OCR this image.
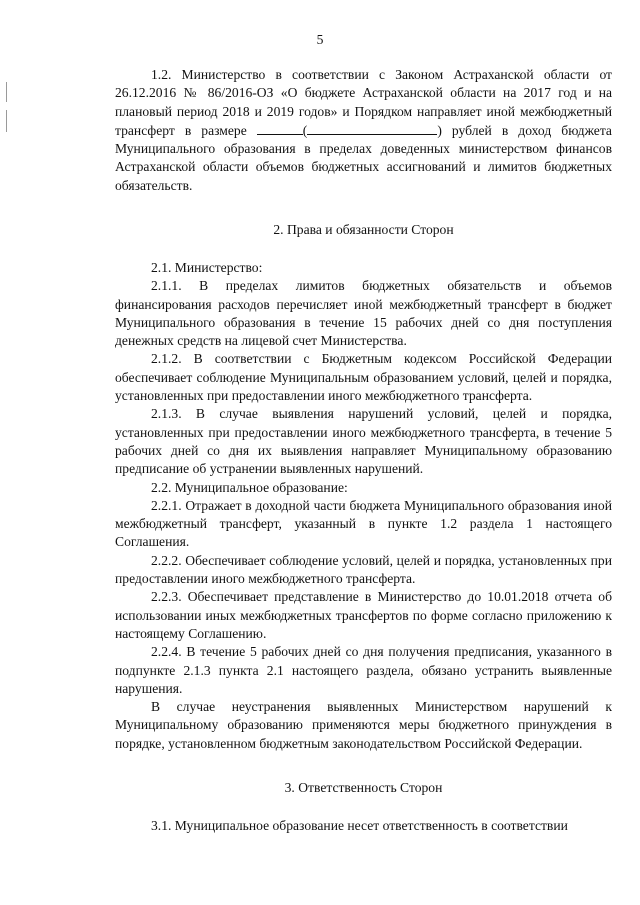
5

1.2. Министерство в соответствии с Законом Астраханской области от 26.12.2016 № 86/2016-ОЗ «О бюджете Астраханской области на 2017 год и на плановый период 2018 и 2019 годов» и Порядком направляет иной межбюджетный трансферт в размере	(	) рублей в доход бюджета Муниципального образования в пределах доведенных министерством финансов Астраханской области объемов бюджетных ассигнований и лимитов бюджетных обязательств.

2. Права и обязанности Сторон

2.1. Министерство:

2.1.1. В пределах лимитов бюджетных обязательств и объемов финансирования расходов перечисляет иной межбюджетный трансферт в бюджет Муниципального образования в течение 15 рабочих дней со дня поступления денежных средств на лицевой счет Министерства.

2.1.2. В соответствии с Бюджетным кодексом Российской Федерации обеспечивает соблюдение Муниципальным образованием условий, целей и порядка, установленных при предоставлении иного межбюджетного трансферта.

2.1.3. В случае выявления нарушений условий, целей и порядка, установленных при предоставлении иного межбюджетного трансферта, в течение 5 рабочих дней со дня их выявления направляет Муниципальному образованию предписание об устранении выявленных нарушений.

2.2. Муниципальное образование:

2.2.1. Отражает в доходной части бюджета Муниципального образования иной межбюджетный трансферт, указанный в пункте 1.2 раздела 1 настоящего Соглашения.

2.2.2. Обеспечивает соблюдение условий, целей и порядка, установленных при предоставлении иного межбюджетного трансферта.

2.2.3. Обеспечивает представление в Министерство до 10.01.2018 отчета об использовании иных межбюджетных трансфертов по форме согласно приложению к настоящему Соглашению.

2.2.4. В течение 5 рабочих дней со дня получения предписания, указанного в подпункте 2.1.3 пункта 2.1 настоящего раздела, обязано устранить выявленные нарушения.

В случае неустранения выявленных Министерством нарушений к Муниципальному образованию применяются меры бюджетного принуждения в порядке, установленном бюджетным законодательством Российской Федерации.

3. Ответственность Сторон

3.1. Муниципальное образование несет ответственность в соответствии
